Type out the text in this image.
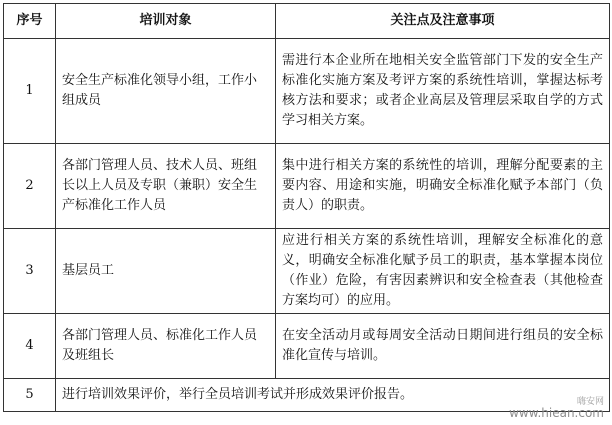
序号	培训对象	关注点及注意事项
1	安全生产标准化领导小组，工作小组成员	需进行本企业所在地相关安全监管部门下发的安全生产标准化实施方案及考评方案的系统性培训，掌握达标考核方法和要求；或者企业高层及管理层采取自学的方式学习相关方案。
2	各部门管理人员、技术人员、班组长以上人员及专职（兼职）安全生产标准化工作人员	集中进行相关方案的系统性的培训，理解分配要素的主要内容、用途和实施，明确安全标准化赋予本部门（负责人）的职责。
3	基层员工	应进行相关方案的系统性培训，理解安全标准化的意义，明确安全标准化赋予员工的职责，基本掌握本岗位（作业）危险，有害因素辨识和安全检查表（其他检查方案均可）的应用。
4	各部门管理人员、标准化工作人员及班组长	在安全活动月或每周安全活动日期间进行组员的安全标准化宣传与培训。
5	进行培训效果评价，举行全员培训考试并形成效果评价报告。		嗨安网
www.hiean.com
